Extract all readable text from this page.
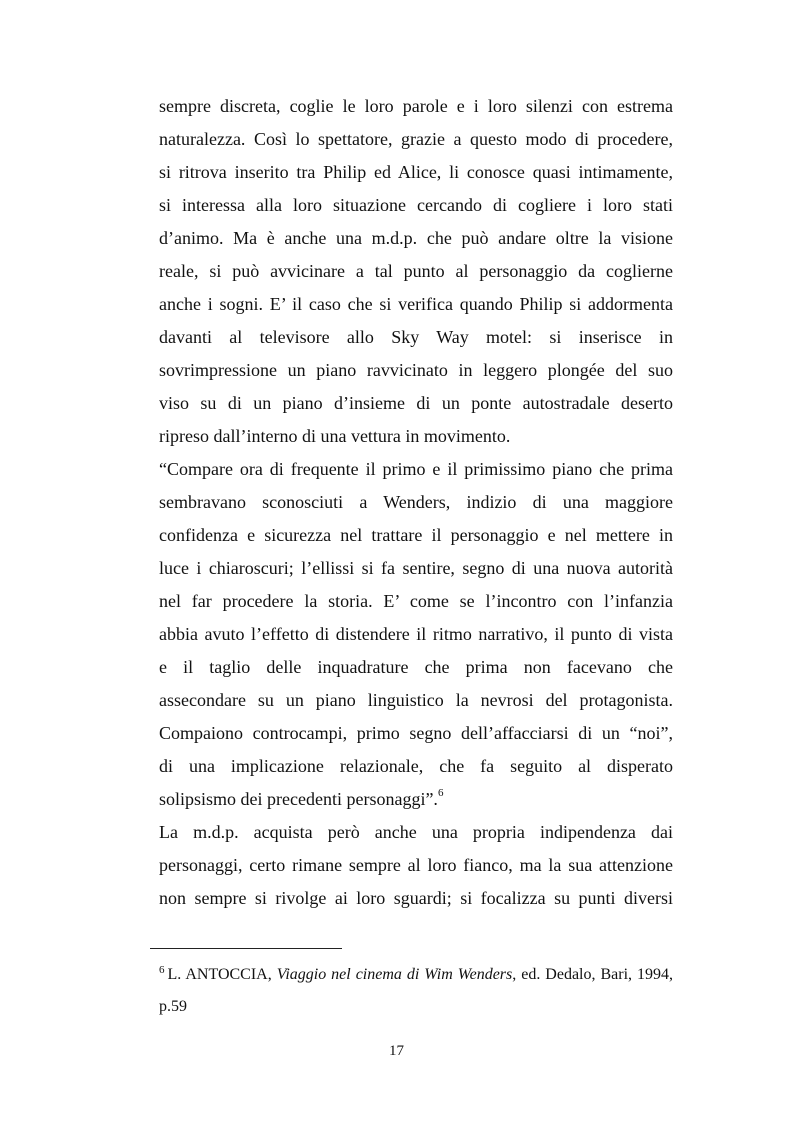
sempre discreta, coglie le loro parole e i loro silenzi con estrema
naturalezza. Così lo spettatore, grazie a questo modo di procedere,
si ritrova inserito tra Philip ed Alice, li conosce quasi intimamente,
si interessa alla loro situazione cercando di cogliere i loro stati
d’animo. Ma è anche una m.d.p. che può andare oltre la visione
reale, si può avvicinare a tal punto al personaggio da coglierne
anche i sogni. E’ il caso che si verifica quando Philip si addormenta
davanti al televisore allo Sky Way motel: si inserisce in
sovrimpressione un piano ravvicinato in leggero plongée del suo
viso su di un piano d’insieme di un ponte autostradale deserto
ripreso dall’interno di una vettura in movimento.
“Compare ora di frequente il primo e il primissimo piano che prima
sembravano sconosciuti a Wenders, indizio di una maggiore
confidenza e sicurezza nel trattare il personaggio e nel mettere in
luce i chiaroscuri; l’ellissi si fa sentire, segno di una nuova autorità
nel far procedere la storia. E’ come se l’incontro con l’infanzia
abbia avuto l’effetto di distendere il ritmo narrativo, il punto di vista
e il taglio delle inquadrature che prima non facevano che
assecondare su un piano linguistico la nevrosi del protagonista.
Compaiono controcampi, primo segno dell’affacciarsi di un “noi”,
di una implicazione relazionale, che fa seguito al disperato
solipsismo dei precedenti personaggi”.$^6$
La m.d.p. acquista però anche una propria indipendenza dai
personaggi, certo rimane sempre al loro fianco, ma la sua attenzione
non sempre si rivolge ai loro sguardi; si focalizza su punti diversi
$^6$ L. ANTOCCIA, Viaggio nel cinema di Wim Wenders, ed. Dedalo, Bari, 1994,
p.59
17
